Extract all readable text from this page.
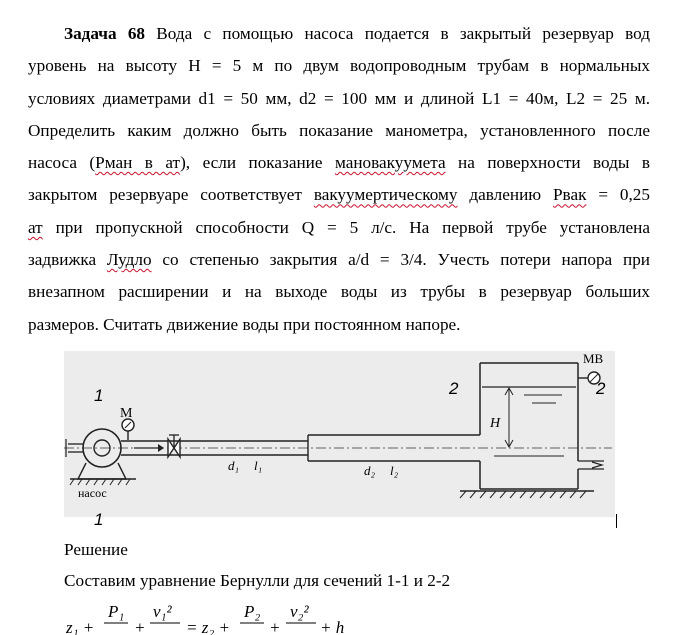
Задача 68 Вода с помощью насоса подается в закрытый резервуар вод
уровень на высоту H = 5 м по двум водопроводным трубам в нормальных
условиях диаметрами d1 = 50 мм, d2 = 100 мм и длиной L1 = 40м, L2 = 25 м.
Определить каким должно быть показание манометра, установленного после
насоса (Рман в ат), если показание мановакуумета на поверхности воды в
закрытом резервуаре соответствует вакуумертическому давлению Рвак = 0,25
ат при пропускной способности Q = 5 л/с. На первой трубе установлена
задвижка Лудло со степенью закрытия a/d = 3/4. Учесть потери напора при
внезапном расширении и на выходе воды из трубы в резервуар больших
размеров. Считать движение воды при постоянном напоре.
М
насос
d₁ l₁	d₂ l₂
H
МВ
1
1
2	2
Решение
Составим уравнение Бернулли для сечений 1-1 и 2-2
z₁ +
P₁
+
v₁²
= z₂ +
P₂
+
v₂²
+ h
